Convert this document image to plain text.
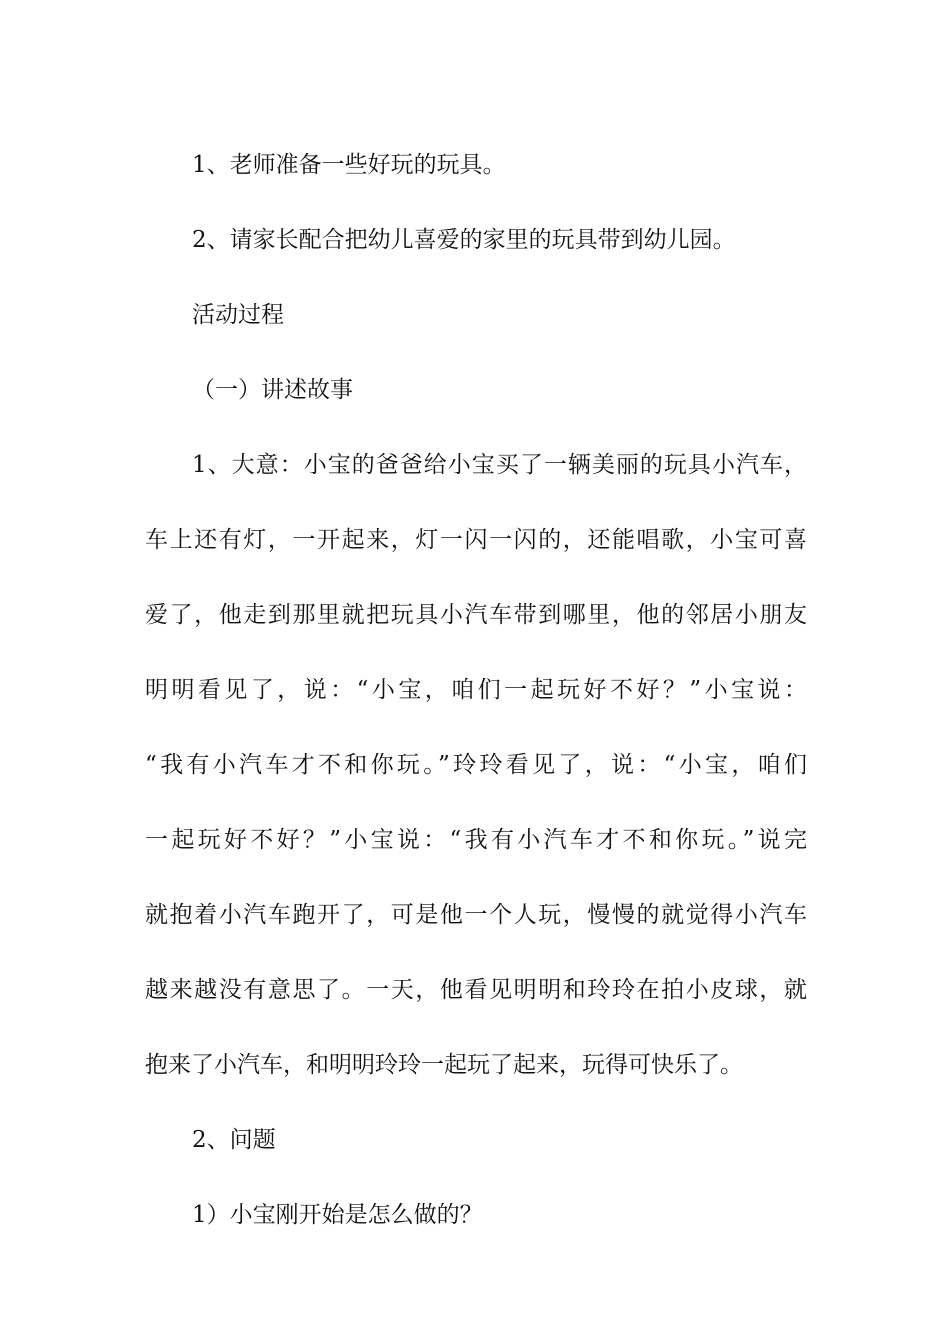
1、老师准备一些好玩的玩具。

2、请家长配合把幼儿喜爱的家里的玩具带到幼儿园。

活动过程

（一）讲述故事

1、大意：小宝的爸爸给小宝买了一辆美丽的玩具小汽车，

车上还有灯，一开起来，灯一闪一闪的，还能唱歌，小宝可喜

爱了，他走到那里就把玩具小汽车带到哪里，他的邻居小朋友

明明看见了，说：“小宝，咱们一起玩好不好？”小宝说：

“我有小汽车才不和你玩。”玲玲看见了，说：“小宝，咱们

一起玩好不好？”小宝说：“我有小汽车才不和你玩。”说完

就抱着小汽车跑开了，可是他一个人玩，慢慢的就觉得小汽车

越来越没有意思了。一天，他看见明明和玲玲在拍小皮球，就

抱来了小汽车，和明明玲玲一起玩了起来，玩得可快乐了。

2、问题

1）小宝刚开始是怎么做的？
